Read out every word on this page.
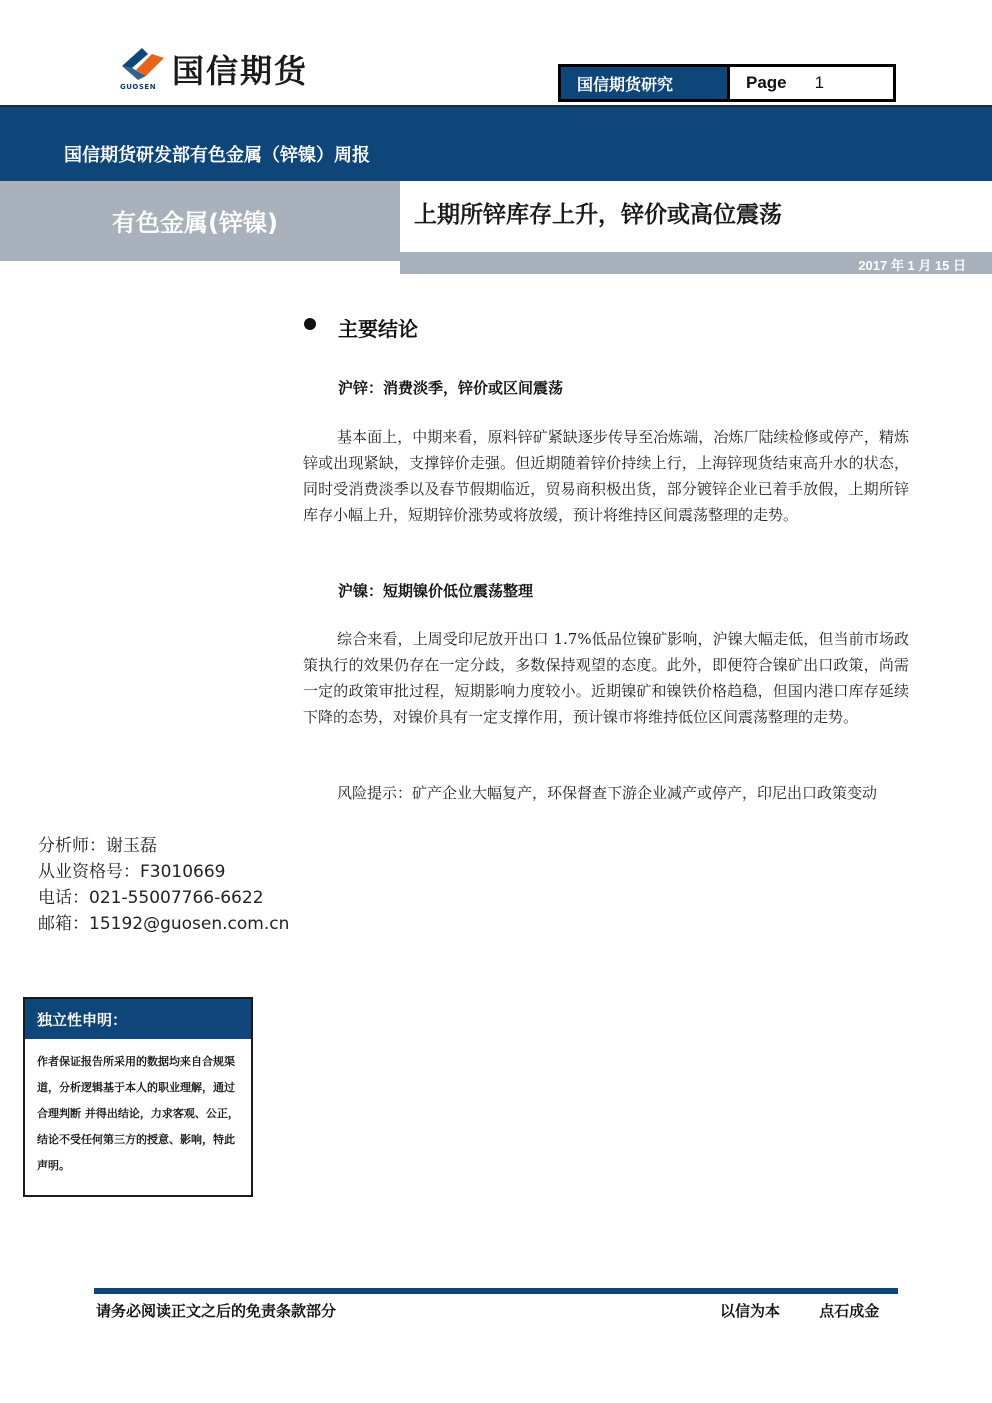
国信期货
GUOSEN	国信期货研究	Page 1
国信期货研发部有色金属（锌镍）周报
有色金属(锌镍)	上期所锌库存上升，锌价或高位震荡
2017 年 1 月 15 日
主要结论
沪锌：消费淡季，锌价或区间震荡
基本面上，中期来看，原料锌矿紧缺逐步传导至冶炼端，冶炼厂陆续检修或停产，精炼锌或出现紧缺，支撑锌价走强。但近期随着锌价持续上行，上海锌现货结束高升水的状态，同时受消费淡季以及春节假期临近，贸易商积极出货，部分镀锌企业已着手放假，上期所锌库存小幅上升，短期锌价涨势或将放缓，预计将维持区间震荡整理的走势。
沪镍：短期镍价低位震荡整理
综合来看，上周受印尼放开出口 1.7%低品位镍矿影响，沪镍大幅走低，但当前市场政策执行的效果仍存在一定分歧，多数保持观望的态度。此外，即便符合镍矿出口政策，尚需一定的政策审批过程，短期影响力度较小。近期镍矿和镍铁价格趋稳，但国内港口库存延续下降的态势，对镍价具有一定支撑作用，预计镍市将维持低位区间震荡整理的走势。
风险提示：矿产企业大幅复产，环保督查下游企业减产或停产，印尼出口政策变动
分析师：谢玉磊
从业资格号：F3010669
电话：021-55007766-6622
邮箱：15192@guosen.com.cn
独立性申明：
作者保证报告所采用的数据均来自合规渠道，分析逻辑基于本人的职业理解，通过合理判断 并得出结论，力求客观、公正，结论不受任何第三方的授意、影响，特此声明。
请务必阅读正文之后的免责条款部分	以信为本	点石成金
